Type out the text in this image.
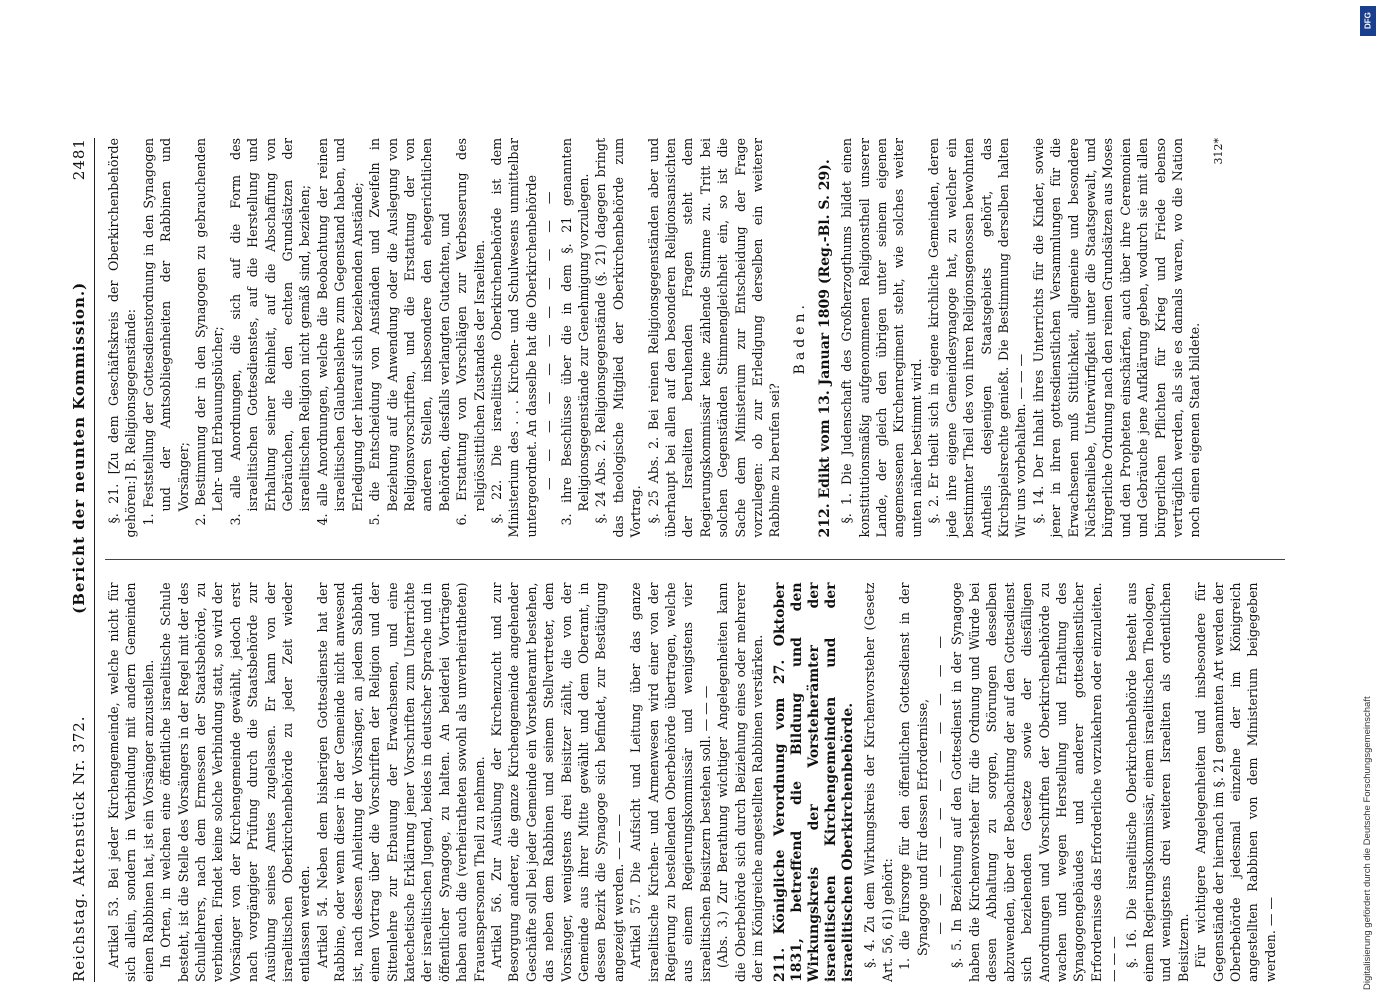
Reichstag. Aktenstück Nr. 372.
(Bericht der neunten Kommission.)
2481

Artikel 53. Bei jeder Kirchengemeinde, welche nicht für sich allein, sondern in Verbindung mit andern Gemeinden einen Rabbinen hat, ist ein Vorsänger anzustellen. In Orten, in welchen eine öffentliche israelitische Schule besteht, ist die Stelle des Vorsängers in der Regel mit der des Schullehrers, nach dem Ermessen der Staatsbehörde, zu verbinden. Findet keine solche Verbindung statt, so wird der Vorsänger von der Kirchengemeinde gewählt, jedoch erst nach vorgängiger Prüfung durch die Staatsbehörde zur Ausübung seines Amtes zugelassen. Er kann von der israelitischen Oberkirchenbehörde zu jeder Zeit wieder entlassen werden. Artikel 54. Neben dem bisherigen Gottesdienste hat der Rabbine, oder wenn dieser in der Gemeinde nicht anwesend ist, nach dessen Anleitung der Vorsänger, an jedem Sabbath einen Vortrag über die Vorschriften der Religion und der Sittenlehre zur Erbauung der Erwachsenen, und eine katechetische Erklärung jener Vorschriften zum Unterrichte der israelitischen Jugend, beides in deutscher Sprache und in öffentlicher Synagoge, zu halten. An beiderlei Vorträgen haben auch die (verheiratheten sowohl als unverheiratheten) Frauenspersonen Theil zu nehmen. Artikel 56. Zur Ausübung der Kirchenzucht und zur Besorgung anderer, die ganze Kirchengemeinde angehender Geschäfte soll bei jeder Gemeinde ein Vorsteheramt bestehen, das neben dem Rabbinen und seinem Stellvertreter, dem Vorsänger, wenigstens drei Beisitzer zählt, die von der Gemeinde aus ihrer Mitte gewählt und dem Oberamt, in dessen Bezirk die Synagoge sich befindet, zur Bestätigung angezeigt werden. — — — Artikel 57. Die Aufsicht und Leitung über das ganze israelitische Kirchen- und Armenwesen wird einer von der Regierung zu bestellenden Oberbehörde übertragen, welche aus einem Regierungskommissär und wenigstens vier israelitischen Beisitzern bestehen soll. — — — (Abs. 3.) Zur Berathung wichtiger Angelegenheiten kann die Oberbehörde sich durch Beiziehung eines oder mehrerer der im Königreiche angestellten Rabbinen verstärken. 211. Königliche Verordnung vom 27. Oktober 1831, betreffend die Bildung und den Wirkungskreis der Vorsteherämter der israelitischen Kirchengemeinden und der israelitischen Oberkirchenbehörde. §. 4. Zu dem Wirkungskreis der Kirchenvorsteher (Gesetz Art. 56, 61) gehört: 1. die Fürsorge für den öffentlichen Gottesdienst in der Synagoge und für dessen Erfordernisse, — — — — — — — — — — — §. 5. In Beziehung auf den Gottesdienst in der Synagoge haben die Kirchenvorsteher für die Ordnung und Würde bei dessen Abhaltung zu sorgen, Störungen desselben abzuwenden, über der Beobachtung der auf den Gottesdienst sich beziehenden Gesetze sowie der diesfälligen Anordnungen und Vorschriften der Oberkirchenbehörde zu wachen und wegen Herstellung und Erhaltung des Synagogengebäudes und anderer gottesdienstlicher Erfordernisse das Erforderliche vorzukehren oder einzuleiten. — — — §. 16. Die israelitische Oberkirchenbehörde besteht aus einem Regierungskommissär, einem israelitischen Theologen, und wenigstens drei weiteren Israeliten als ordentlichen Beisitzern. Für wichtigere Angelegenheiten und insbesondere für Gegenstände der hiernach im §. 21 genannten Art werden der Oberbehörde jedesmal einzelne der im Königreich angestellten Rabbinen von dem Ministerium beigegeben werden. — —

§. 21. [Zu dem Geschäftskreis der Oberkirchenbehörde gehören:] B. Religionsgegenstände: 1. Feststellung der Gottesdienstordnung in den Synagogen und der Amtsobliegenheiten der Rabbinen und Vorsänger; 2. Bestimmung der in den Synagogen zu gebrauchenden Lehr- und Erbauungsbücher; 3. alle Anordnungen, die sich auf die Form des israelitischen Gottesdienstes, auf die Herstellung und Erhaltung seiner Reinheit, auf die Abschaffung von Gebräuchen, die den echten Grundsätzen der israelitischen Religion nicht gemäß sind, beziehen; 4. alle Anordnungen, welche die Beobachtung der reinen israelitischen Glaubenslehre zum Gegenstand haben, und Erledigung der hierauf sich beziehenden Anstände; 5. die Entscheidung von Anständen und Zweifeln in Beziehung auf die Anwendung oder die Auslegung von Religionsvorschriften, und die Erstattung der von anderen Stellen, insbesondere den ehegerichtlichen Behörden, diesfalls verlangten Gutachten, und 6. Erstattung von Vorschlägen zur Verbesserung des religiössittlichen Zustandes der Israeliten. §. 22. Die israelitische Oberkirchenbehörde ist dem Ministerium des . . . Kirchen- und Schulwesens unmittelbar untergeordnet. An dasselbe hat die Oberkirchenbehörde — — — — — — — — — — — 3. ihre Beschlüsse über die in dem §. 21 genannten Religionsgegenstände zur Genehmigung vorzulegen. §. 24 Abs. 2. Religionsgegenstände (§. 21) dagegen bringt das theologische Mitglied der Oberkirchenbehörde zum Vortrag. §. 25 Abs. 2. Bei reinen Religionsgegenständen aber und überhaupt bei allen auf den besonderen Religionsansichten der Israeliten beruhenden Fragen steht dem Regierungskommissär keine zählende Stimme zu. Tritt bei solchen Gegenständen Stimmengleichheit ein, so ist die Sache dem Ministerium zur Entscheidung der Frage vorzulegen: ob zur Erledigung derselben ein weiterer Rabbine zu berufen sei?

Baden. 212. Edikt vom 13. Januar 1809 (Reg.-Bl. S. 29). §. 1. Die Judenschaft des Großherzogthums bildet einen konstitutionsmäßig aufgenommenen Religionstheil unserer Lande, der gleich den übrigen unter seinem eigenen angemessenen Kirchenregiment steht, wie solches weiter unten näher bestimmt wird. §. 2. Er theilt sich in eigene kirchliche Gemeinden, deren jede ihre eigene Gemeindesynagoge hat, zu welcher ein bestimmter Theil des von ihren Religionsgenossen bewohnten Antheils desjenigen Staatsgebiets gehört, das Kirchspielsrechte genießt. Die Bestimmung derselben halten Wir uns vorbehalten. — — — §. 14. Der Inhalt ihres Unterrichts für die Kinder, sowie jener in ihren gottesdienstlichen Versammlungen für die Erwachsenen muß Sittlichkeit, allgemeine und besondere Nächstenliebe, Unterwürfigkeit unter die Staatsgewalt, und bürgerliche Ordnung nach den reinen Grundsätzen aus Moses und den Propheten einschärfen, auch über ihre Ceremonien und Gebräuche jene Aufklärung geben, wodurch sie mit allen bürgerlichen Pflichten für Krieg und Friede ebenso verträglich werden, als sie es damals waren, wo die Nation noch einen eigenen Staat bildete.

312*

Digitalisierung gefördert durch die Deutsche Forschungsgemeinschaft
DFG
